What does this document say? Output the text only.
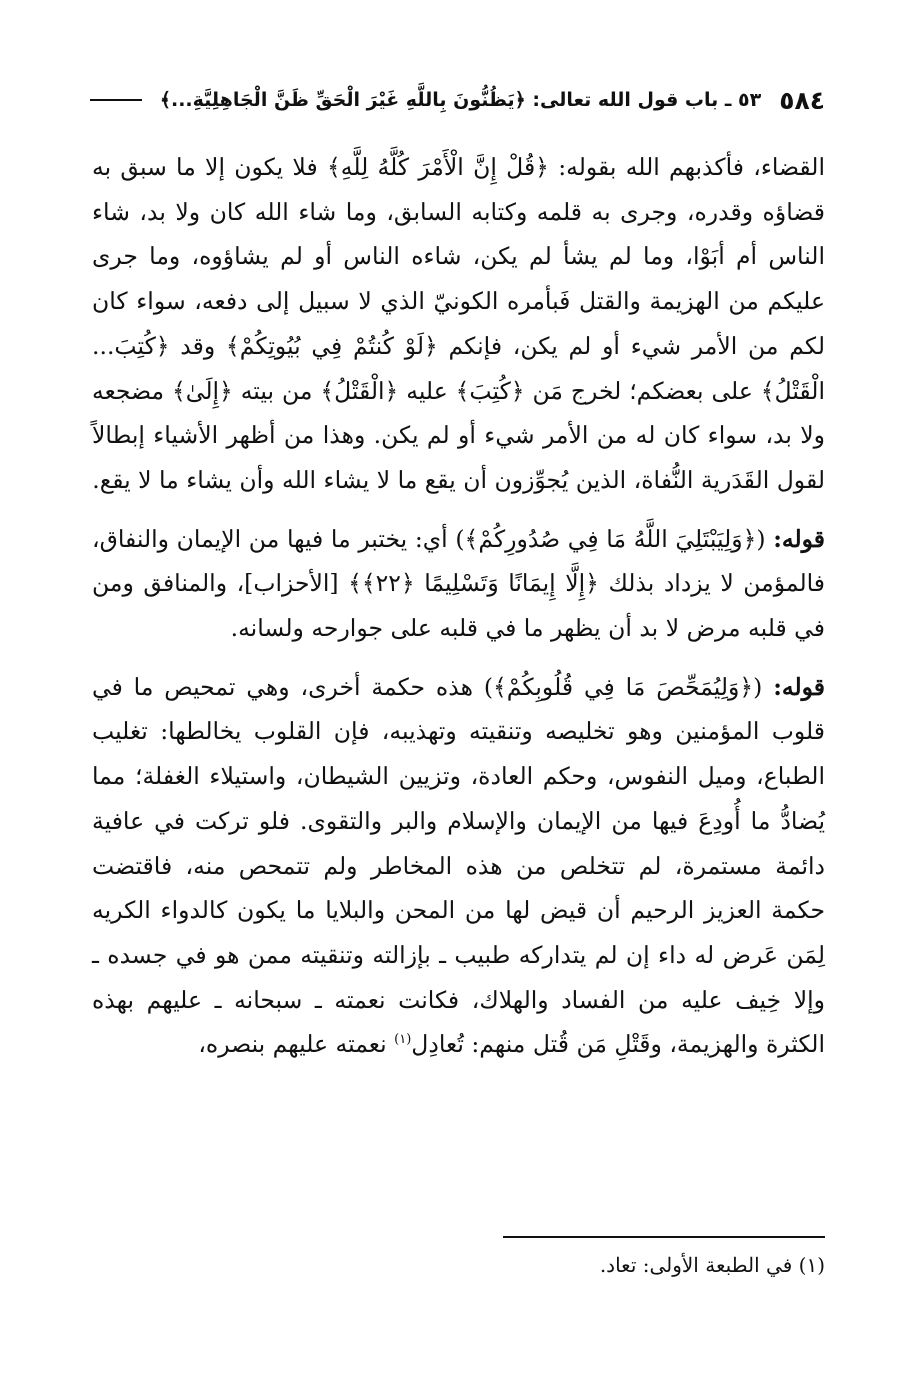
٥٨٤
٥٣ ـ باب قول الله تعالى: ﴿يَظُنُّونَ بِاللَّهِ غَيْرَ الْحَقِّ ظَنَّ الْجَاهِلِيَّةِ...﴾

القضاء، فأكذبهم الله بقوله: ﴿قُلْ إِنَّ الْأَمْرَ كُلَّهُ لِلَّهِ﴾ فلا يكون إلا ما سبق به قضاؤه وقدره، وجرى به قلمه وكتابه السابق، وما شاء الله كان ولا بد، شاء الناس أم أبَوْا، وما لم يشأ لم يكن، شاءه الناس أو لم يشاؤوه، وما جرى عليكم من الهزيمة والقتل فَبأمره الكونيّ الذي لا سبيل إلى دفعه، سواء كان لكم من الأمر شيء أو لم يكن، فإنكم ﴿لَوْ كُنتُمْ فِي بُيُوتِكُمْ﴾ وقد ﴿كُتِبَ... الْقَتْلُ﴾ على بعضكم؛ لخرج مَن ﴿كُتِبَ﴾ عليه ﴿الْقَتْلُ﴾ من بيته ﴿إِلَىٰ﴾ مضجعه ولا بد، سواء كان له من الأمر شيء أو لم يكن. وهذا من أظهر الأشياء إبطالاً لقول القَدَرية النُّفاة، الذين يُجوِّزون أن يقع ما لا يشاء الله وأن يشاء ما لا يقع.

قوله: (﴿وَلِيَبْتَلِيَ اللَّهُ مَا فِي صُدُورِكُمْ﴾) أي: يختبر ما فيها من الإيمان والنفاق، فالمؤمن لا يزداد بذلك ﴿إِلَّا إِيمَانًا وَتَسْلِيمًا ﴿٢٢﴾﴾ [الأحزاب]، والمنافق ومن في قلبه مرض لا بد أن يظهر ما في قلبه على جوارحه ولسانه.

قوله: (﴿وَلِيُمَحِّصَ مَا فِي قُلُوبِكُمْ﴾) هذه حكمة أخرى، وهي تمحيص ما في قلوب المؤمنين وهو تخليصه وتنقيته وتهذيبه، فإن القلوب يخالطها: تغليب الطباع، وميل النفوس، وحكم العادة، وتزيين الشيطان، واستيلاء الغفلة؛ مما يُضادُّ ما أُودِعَ فيها من الإيمان والإسلام والبر والتقوى. فلو تركت في عافية دائمة مستمرة، لم تتخلص من هذه المخاطر ولم تتمحص منه، فاقتضت حكمة العزيز الرحيم أن قيض لها من المحن والبلايا ما يكون كالدواء الكريه لِمَن عَرض له داء إن لم يتداركه طبيب ـ بإزالته وتنقيته ممن هو في جسده ـ وإلا خِيف عليه من الفساد والهلاك، فكانت نعمته ـ سبحانه ـ عليهم بهذه الكثرة والهزيمة، وقَتْلِ مَن قُتل منهم: تُعادِل$^{(١)}$ نعمته عليهم بنصره،

(١) في الطبعة الأولى: تعاد.
